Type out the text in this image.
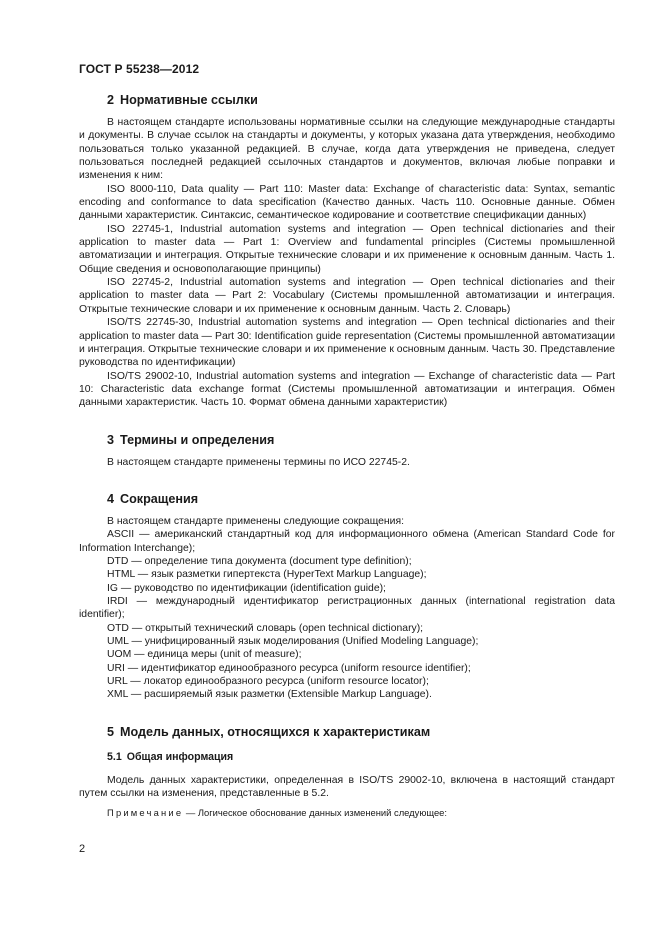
ГОСТ Р 55238—2012
2 Нормативные ссылки

В настоящем стандарте использованы нормативные ссылки на следующие международные стандарты и документы. В случае ссылок на стандарты и документы, у которых указана дата утверждения, необходимо пользоваться только указанной редакцией. В случае, когда дата утверждения не приведена, следует пользоваться последней редакцией ссылочных стандартов и документов, включая любые поправки и изменения к ним:

ISO 8000-110, Data quality — Part 110: Master data: Exchange of characteristic data: Syntax, semantic encoding and conformance to data specification (Качество данных. Часть 110. Основные данные. Обмен данными характеристик. Синтаксис, семантическое кодирование и соответствие спецификации данных)

ISO 22745-1, Industrial automation systems and integration — Open technical dictionaries and their application to master data — Part 1: Overview and fundamental principles (Системы промышленной автоматизации и интеграция. Открытые технические словари и их применение к основным данным. Часть 1. Общие сведения и основополагающие принципы)

ISO 22745-2, Industrial automation systems and integration — Open technical dictionaries and their application to master data — Part 2: Vocabulary (Системы промышленной автоматизации и интеграция. Открытые технические словари и их применение к основным данным. Часть 2. Словарь)

ISO/TS 22745-30, Industrial automation systems and integration — Open technical dictionaries and their application to master data — Part 30: Identification guide representation (Системы промышленной автоматизации и интеграция. Открытые технические словари и их применение к основным данным. Часть 30. Представление руководства по идентификации)

ISO/TS 29002-10, Industrial automation systems and integration — Exchange of characteristic data — Part 10: Characteristic data exchange format (Системы промышленной автоматизации и интеграция. Обмен данными характеристик. Часть 10. Формат обмена данными характеристик)

3 Термины и определения

В настоящем стандарте применены термины по ИСО 22745-2.

4 Сокращения

В настоящем стандарте применены следующие сокращения:

ASCII — американский стандартный код для информационного обмена (American Standard Code for Information Interchange);

DTD — определение типа документа (document type definition);

HTML — язык разметки гипертекста (HyperText Markup Language);

IG — руководство по идентификации (identification guide);

IRDI — международный идентификатор регистрационных данных (international registration data identifier);

OTD — открытый технический словарь (open technical dictionary);

UML — унифицированный язык моделирования (Unified Modeling Language);

UOM — единица меры (unit of measure);

URI — идентификатор единообразного ресурса (uniform resource identifier);

URL — локатор единообразного ресурса (uniform resource locator);

XML — расширяемый язык разметки (Extensible Markup Language).

5 Модель данных, относящихся к характеристикам
5.1 Общая информация

Модель данных характеристики, определенная в ISO/TS 29002-10, включена в настоящий стандарт путем ссылки на изменения, представленные в 5.2.

Примечание — Логическое обоснование данных изменений следующее:

2
